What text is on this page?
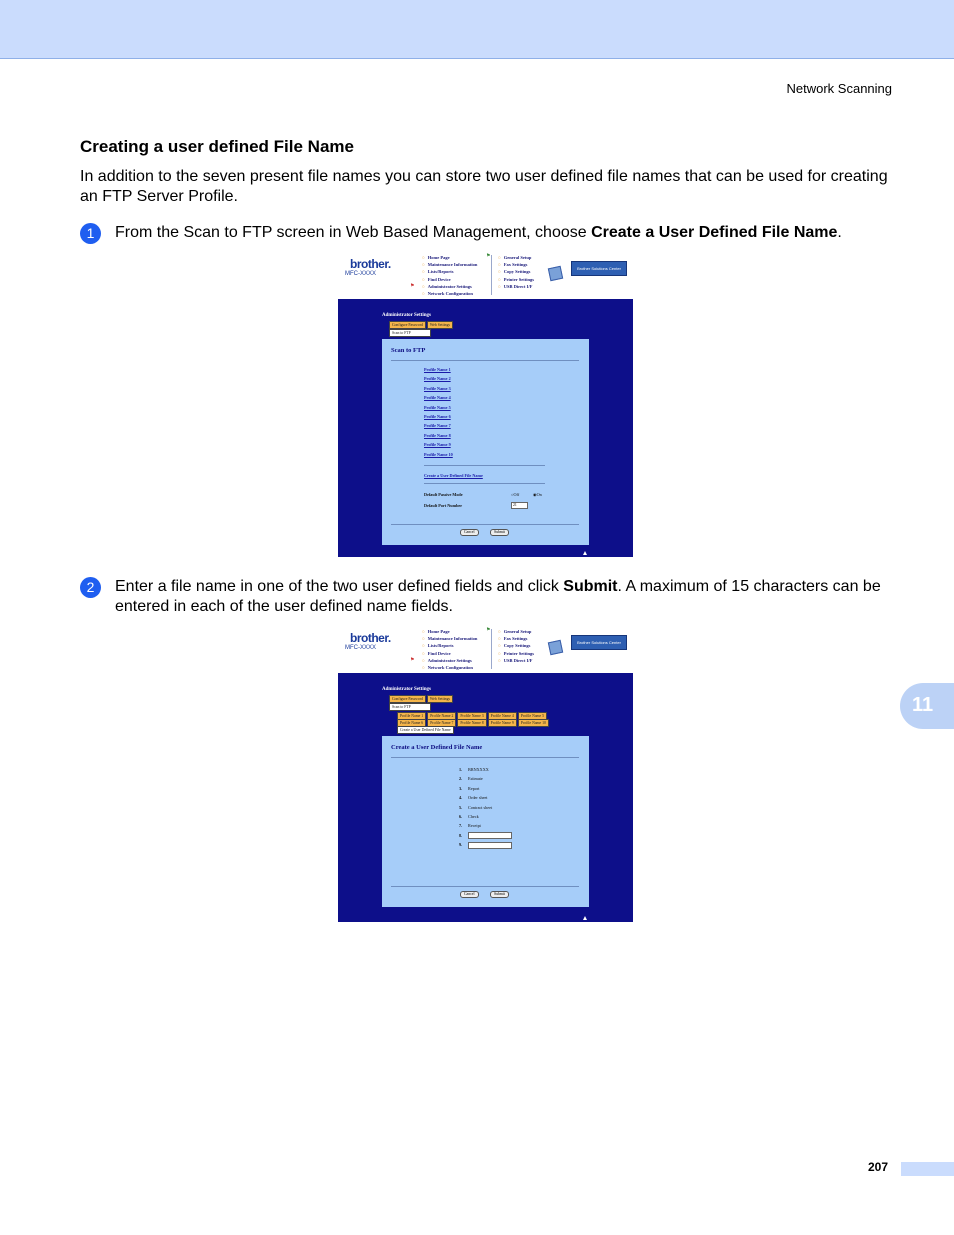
Network Scanning
Creating a user defined File Name
In addition to the seven present file names you can store two user defined file names that can be used for creating an FTP Server Profile.
1	From the Scan to FTP screen in Web Based Management, choose Create a User Defined File Name.
brother.
MFC-XXXX
⚑
⚑
○ Home Page
○ Maintenance Information
○ Lists/Reports
○ Find Device
○ Administrator Settings
○ Network Configuration
○ General Setup
○ Fax Settings
○ Copy Settings
○ Printer Settings
○ USB Direct I/F
Brother Solutions Center
Administrator Settings
Configure Password	Web Settings
Scan to FTP
Scan to FTP
Profile Name 1
Profile Name 2
Profile Name 3
Profile Name 4
Profile Name 5
Profile Name 6
Profile Name 7
Profile Name 8
Profile Name 9
Profile Name 10
Create a User Defined File Name
Default Passive Mode	○Off	◉On
Default Port Number	21
Cancel	Submit
2	Enter a file name in one of the two user defined fields and click Submit. A maximum of 15 characters can be entered in each of the user defined name fields.
brother.
MFC-XXXX
⚑
⚑
○ Home Page
○ Maintenance Information
○ Lists/Reports
○ Find Device
○ Administrator Settings
○ Network Configuration
○ General Setup
○ Fax Settings
○ Copy Settings
○ Printer Settings
○ USB Direct I/F
Brother Solutions Center
Administrator Settings
Configure Password	Web Settings
Scan to FTP
Profile Name 1	Profile Name 2	Profile Name 3	Profile Name 4	Profile Name 5
Profile Name 6	Profile Name 7	Profile Name 8	Profile Name 9	Profile Name 10
Create a User Defined File Name
Create a User Defined File Name
1. BRNXXXX
2. Estimate
3. Report
4. Order sheet
5. Contract sheet
6. Check
7. Receipt
8.
9.
Cancel	Submit
11
207
